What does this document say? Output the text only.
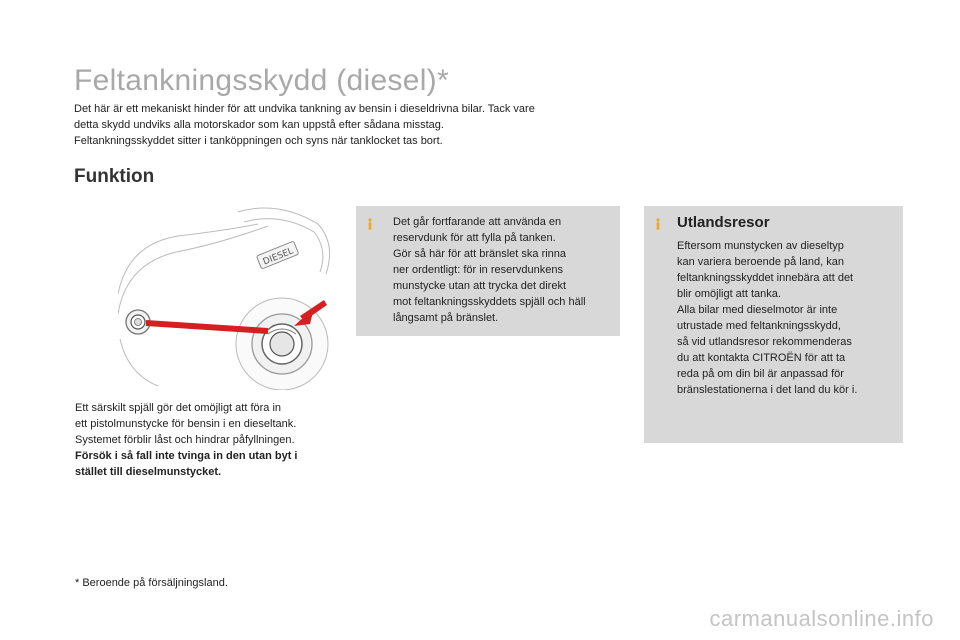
Feltankningsskydd (diesel)*

Det här är ett mekaniskt hinder för att undvika tankning av bensin i dieseldrivna bilar. Tack vare

detta skydd undviks alla motorskador som kan uppstå efter sådana misstag.

Feltankningsskyddet sitter i tanköppningen och syns när tanklocket tas bort.

Funktion
DIESEL

Ett särskilt spjäll gör det omöjligt att föra in

ett pistolmunstycke för bensin i en dieseltank.

Systemet förblir låst och hindrar påfyllningen.

Försök i så fall inte tvinga in den utan byt i

stället till dieselmunstycket.

Det går fortfarande att använda en

reservdunk för att fylla på tanken.

Gör så här för att bränslet ska rinna

ner ordentligt: för in reservdunkens

munstycke utan att trycka det direkt

mot feltankningsskyddets spjäll och häll

långsamt på bränslet.

Utlandsresor

Eftersom munstycken av dieseltyp

kan variera beroende på land, kan

feltankningsskyddet innebära att det

blir omöjligt att tanka.

Alla bilar med dieselmotor är inte

utrustade med feltankningsskydd,

så vid utlandsresor rekommenderas

du att kontakta CITROËN för att ta

reda på om din bil är anpassad för

bränslestationerna i det land du kör i.

* Beroende på försäljningsland.
carmanualsonline.info
